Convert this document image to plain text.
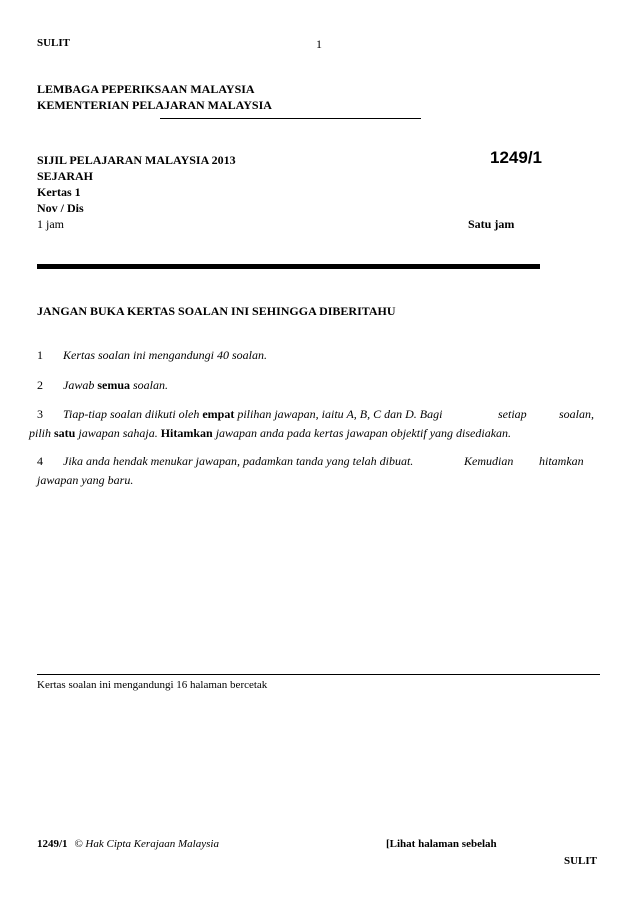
SULIT	1
LEMBAGA PEPERIKSAAN MALAYSIA
KEMENTERIAN PELAJARAN MALAYSIA
SIJIL PELAJARAN MALAYSIA 2013
SEJARAH
Kertas 1
Nov / Dis
1 jam
1249/1
Satu jam
JANGAN BUKA KERTAS SOALAN INI SEHINGGA DIBERITAHU
1 Kertas soalan ini mengandungi 40 soalan.
2 Jawab semua soalan.
3 Tiap-tiap soalan diikuti oleh empat pilihan jawapan, iaitu A, B, C dan D. Bagi	setiap	soalan,
pilih satu jawapan sahaja. Hitamkan jawapan anda pada kertas jawapan objektif yang disediakan.
4 Jika anda hendak menukar jawapan, padamkan tanda yang telah dibuat.	Kemudian hitamkan
jawapan yang baru.
Kertas soalan ini mengandungi 16 halaman bercetak
1249/1 © Hak Cipta Kerajaan Malaysia	[Lihat halaman sebelah
SULIT
